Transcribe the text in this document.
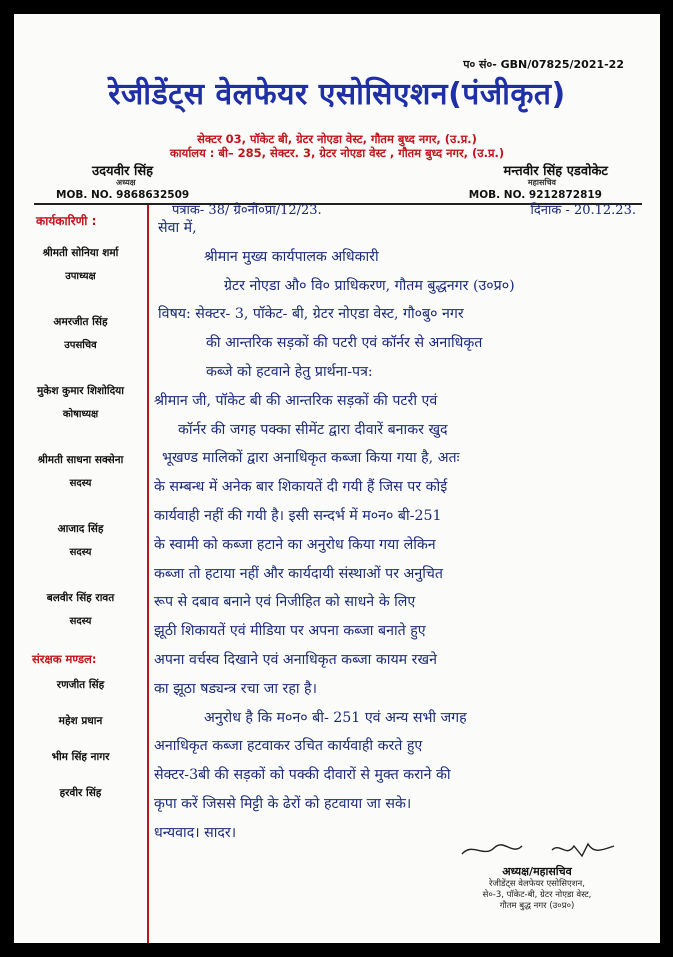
प० सं०- GBN/07825/2021-22
रेजीडेंट्स वेलफेयर एसोसिएशन(पंजीकृत)
सेक्टर 03, पॉकेट बी, ग्रेटर नोएडा वेस्ट, गौतम बुध्द नगर, (उ.प्र.)
कार्यालय : बी– 285, सेक्टर. 3, ग्रेटर नोएडा वेस्ट , गौतम बुध्द नगर, (उ.प्र.)
उदयवीर सिंह
अध्यक्ष
MOB. NO. 9868632509
मन्तवीर सिंह एडवोकेट
महासचिव
MOB. NO. 9212872819
पत्रांक- 38/ ग्रे०नो०प्रा/12/23.	दिनांक - 20.12.23.
कार्यकारिणी :
श्रीमती सोनिया शर्मा
उपाध्यक्ष
अमरजीत सिंह
उपसचिव
मुकेश कुमार शिशोदिया
कोषाध्यक्ष
श्रीमती साधना सक्सेना
सदस्य
आजाद सिंह
सदस्य
बलवीर सिंह रावत
सदस्य
संरक्षक मण्डल:
रणजीत सिंह
महेश प्रधान
भीम सिंह नागर
हरवीर सिंह
सेवा में,
श्रीमान मुख्य कार्यपालक अधिकारी
ग्रेटर नोएडा औ० वि० प्राधिकरण, गौतम बुद्धनगर (उ०प्र०)
विषय: सेक्टर- 3, पॉकेट- बी, ग्रेटर नोएडा वेस्ट, गौ०बु० नगर
की आन्तरिक सड़कों की पटरी एवं कॉर्नर से अनाधिकृत
कब्जे को हटवाने हेतु प्रार्थना-पत्र:
श्रीमान जी, पॉकेट बी की आन्तरिक सड़कों की पटरी एवं
कॉर्नर की जगह पक्का सीमेंट द्वारा दीवारें बनाकर खुद
भूखण्ड मालिकों द्वारा अनाधिकृत कब्जा किया गया है, अतः
के सम्बन्ध में अनेक बार शिकायतें दी गयी हैं जिस पर कोई
कार्यवाही नहीं की गयी है। इसी सन्दर्भ में म०न० बी-251
के स्वामी को कब्जा हटाने का अनुरोध किया गया लेकिन
कब्जा तो हटाया नहीं और कार्यदायी संस्थाओं पर अनुचित
रूप से दबाव बनाने एवं निजीहित को साधने के लिए
झूठी शिकायतें एवं मीडिया पर अपना कब्जा बनाते हुए
अपना वर्चस्व दिखाने एवं अनाधिकृत कब्जा कायम रखने
का झूठा षड्यन्त्र रचा जा रहा है।
अनुरोध है कि म०न० बी- 251 एवं अन्य सभी जगह
अनाधिकृत कब्जा हटवाकर उचित कार्यवाही करते हुए
सेक्टर-3बी की सड़कों को पक्की दीवारों से मुक्त कराने की
कृपा करें जिससे मिट्टी के ढेरों को हटवाया जा सके।
धन्यवाद। सादर।
अध्यक्ष/महासचिव
रेजीडेंट्स वेलफेयर एसोसिएशन,
से०-3, पॉकेट-बी, ग्रेटर नोएडा वेस्ट,
गौतम बुद्ध नगर (उ०प्र०)
